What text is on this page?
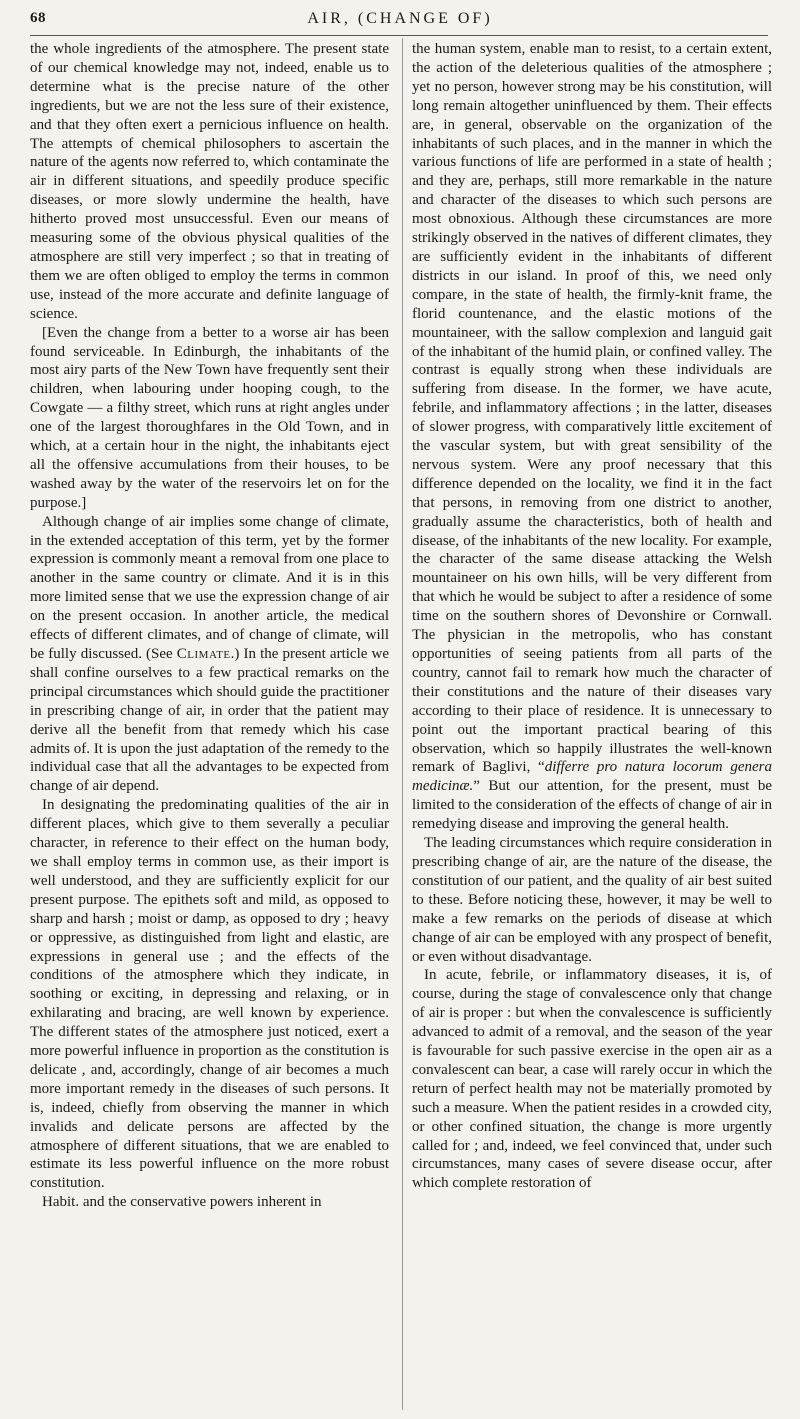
68	AIR, (CHANGE OF)

the whole ingredients of the atmosphere. The present state of our chemical knowledge may not, indeed, enable us to determine what is the precise nature of the other ingredients, but we are not the less sure of their existence, and that they often exert a pernicious influence on health. The attempts of chemical philosophers to ascertain the nature of the agents now referred to, which contaminate the air in different situations, and speedily produce specific diseases, or more slowly undermine the health, have hitherto proved most unsuccessful. Even our means of measuring some of the obvious physical qualities of the atmosphere are still very imperfect ; so that in treating of them we are often obliged to employ the terms in common use, instead of the more accurate and definite language of science.

[Even the change from a better to a worse air has been found serviceable. In Edinburgh, the inhabitants of the most airy parts of the New Town have frequently sent their children, when labouring under hooping cough, to the Cowgate — a filthy street, which runs at right angles under one of the largest thoroughfares in the Old Town, and in which, at a certain hour in the night, the inhabitants eject all the offensive accumulations from their houses, to be washed away by the water of the reservoirs let on for the purpose.]

Although change of air implies some change of climate, in the extended acceptation of this term, yet by the former expression is commonly meant a removal from one place to another in the same country or climate. And it is in this more limited sense that we use the expression change of air on the present occasion. In another article, the medical effects of different climates, and of change of climate, will be fully discussed. (See Climate.) In the present article we shall confine ourselves to a few practical remarks on the principal circumstances which should guide the practitioner in prescribing change of air, in order that the patient may derive all the benefit from that remedy which his case admits of. It is upon the just adaptation of the remedy to the individual case that all the advantages to be expected from change of air depend.

In designating the predominating qualities of the air in different places, which give to them severally a peculiar character, in reference to their effect on the human body, we shall employ terms in common use, as their import is well understood, and they are sufficiently explicit for our present purpose. The epithets soft and mild, as opposed to sharp and harsh ; moist or damp, as opposed to dry ; heavy or oppressive, as distinguished from light and elastic, are expressions in general use ; and the effects of the conditions of the atmosphere which they indicate, in soothing or exciting, in depressing and relaxing, or in exhilarating and bracing, are well known by experience. The different states of the atmosphere just noticed, exert a more powerful influence in proportion as the constitution is delicate , and, accordingly, change of air becomes a much more important remedy in the diseases of such persons. It is, indeed, chiefly from observing the manner in which invalids and delicate persons are affected by the atmosphere of different situations, that we are enabled to estimate its less powerful influence on the more robust constitution.

Habit. and the conservative powers inherent in

the human system, enable man to resist, to a certain extent, the action of the deleterious qualities of the atmosphere ; yet no person, however strong may be his constitution, will long remain altogether uninfluenced by them. Their effects are, in general, observable on the organization of the inhabitants of such places, and in the manner in which the various functions of life are performed in a state of health ; and they are, perhaps, still more remarkable in the nature and character of the diseases to which such persons are most obnoxious. Although these circumstances are more strikingly observed in the natives of different climates, they are sufficiently evident in the inhabitants of different districts in our island. In proof of this, we need only compare, in the state of health, the firmly-knit frame, the florid countenance, and the elastic motions of the mountaineer, with the sallow complexion and languid gait of the inhabitant of the humid plain, or confined valley. The contrast is equally strong when these individuals are suffering from disease. In the former, we have acute, febrile, and inflammatory affections ; in the latter, diseases of slower progress, with comparatively little excitement of the vascular system, but with great sensibility of the nervous system. Were any proof necessary that this difference depended on the locality, we find it in the fact that persons, in removing from one district to another, gradually assume the characteristics, both of health and disease, of the inhabitants of the new locality. For example, the character of the same disease attacking the Welsh mountaineer on his own hills, will be very different from that which he would be subject to after a residence of some time on the southern shores of Devonshire or Cornwall. The physician in the metropolis, who has constant opportunities of seeing patients from all parts of the country, cannot fail to remark how much the character of their constitutions and the nature of their diseases vary according to their place of residence. It is unnecessary to point out the important practical bearing of this observation, which so happily illustrates the well-known remark of Baglivi, “differre pro natura locorum genera medicinæ.” But our attention, for the present, must be limited to the consideration of the effects of change of air in remedying disease and improving the general health.

The leading circumstances which require consideration in prescribing change of air, are the nature of the disease, the constitution of our patient, and the quality of air best suited to these. Before noticing these, however, it may be well to make a few remarks on the periods of disease at which change of air can be employed with any prospect of benefit, or even without disadvantage.

In acute, febrile, or inflammatory diseases, it is, of course, during the stage of convalescence only that change of air is proper : but when the convalescence is sufficiently advanced to admit of a removal, and the season of the year is favourable for such passive exercise in the open air as a convalescent can bear, a case will rarely occur in which the return of perfect health may not be materially promoted by such a measure. When the patient resides in a crowded city, or other confined situation, the change is more urgently called for ; and, indeed, we feel convinced that, under such circumstances, many cases of severe disease occur, after which complete restoration of
